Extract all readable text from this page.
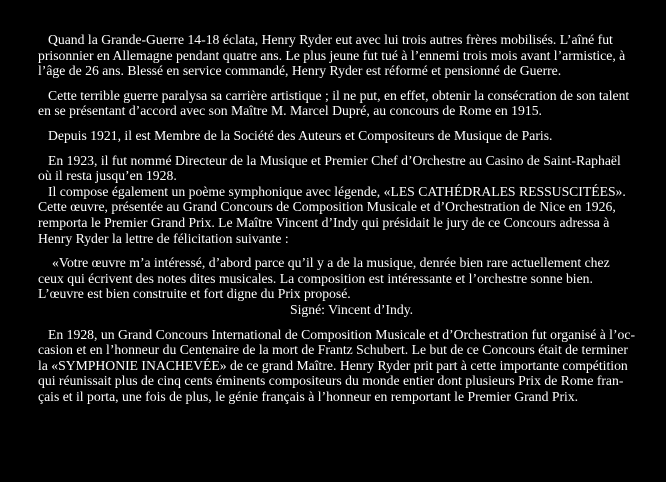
Quand la Grande-Guerre 14-18 éclata, Henry Ryder eut avec lui trois autres frères mobilisés. L’aîné fut
prisonnier en Allemagne pendant quatre ans. Le plus jeune fut tué à l’ennemi trois mois avant l’armistice, à
l’âge de 26 ans. Blessé en service commandé, Henry Ryder est réformé et pensionné de Guerre.
Cette terrible guerre paralysa sa carrière artistique ; il ne put, en effet, obtenir la consécration de son talent
en se présentant d’accord avec son Maître M. Marcel Dupré, au concours de Rome en 1915.
Depuis 1921, il est Membre de la Société des Auteurs et Compositeurs de Musique de Paris.
En 1923, il fut nommé Directeur de la Musique et Premier Chef d’Orchestre au Casino de Saint-Raphaël
où il resta jusqu’en 1928.
Il compose également un poème symphonique avec légende, «LES CATHÉDRALES RESSUSCITÉES».
Cette œuvre, présentée au Grand Concours de Composition Musicale et d’Orchestration de Nice en 1926,
remporta le Premier Grand Prix. Le Maître Vincent d’Indy qui présidait le jury de ce Concours adressa à
Henry Ryder la lettre de félicitation suivante :
«Votre œuvre m’a intéressé, d’abord parce qu’il y a de la musique, denrée bien rare actuellement chez
ceux qui écrivent des notes dites musicales. La composition est intéressante et l’orchestre sonne bien.
L’œuvre est bien construite et fort digne du Prix proposé.
Signé: Vincent d’Indy.
En 1928, un Grand Concours International de Composition Musicale et d’Orchestration fut organisé à l’oc-
casion et en l’honneur du Centenaire de la mort de Frantz Schubert. Le but de ce Concours était de terminer
la «SYMPHONIE INACHEVÉE» de ce grand Maître. Henry Ryder prit part à cette importante compétition
qui réunissait plus de cinq cents éminents compositeurs du monde entier dont plusieurs Prix de Rome fran-
çais et il porta, une fois de plus, le génie français à l’honneur en remportant le Premier Grand Prix.
